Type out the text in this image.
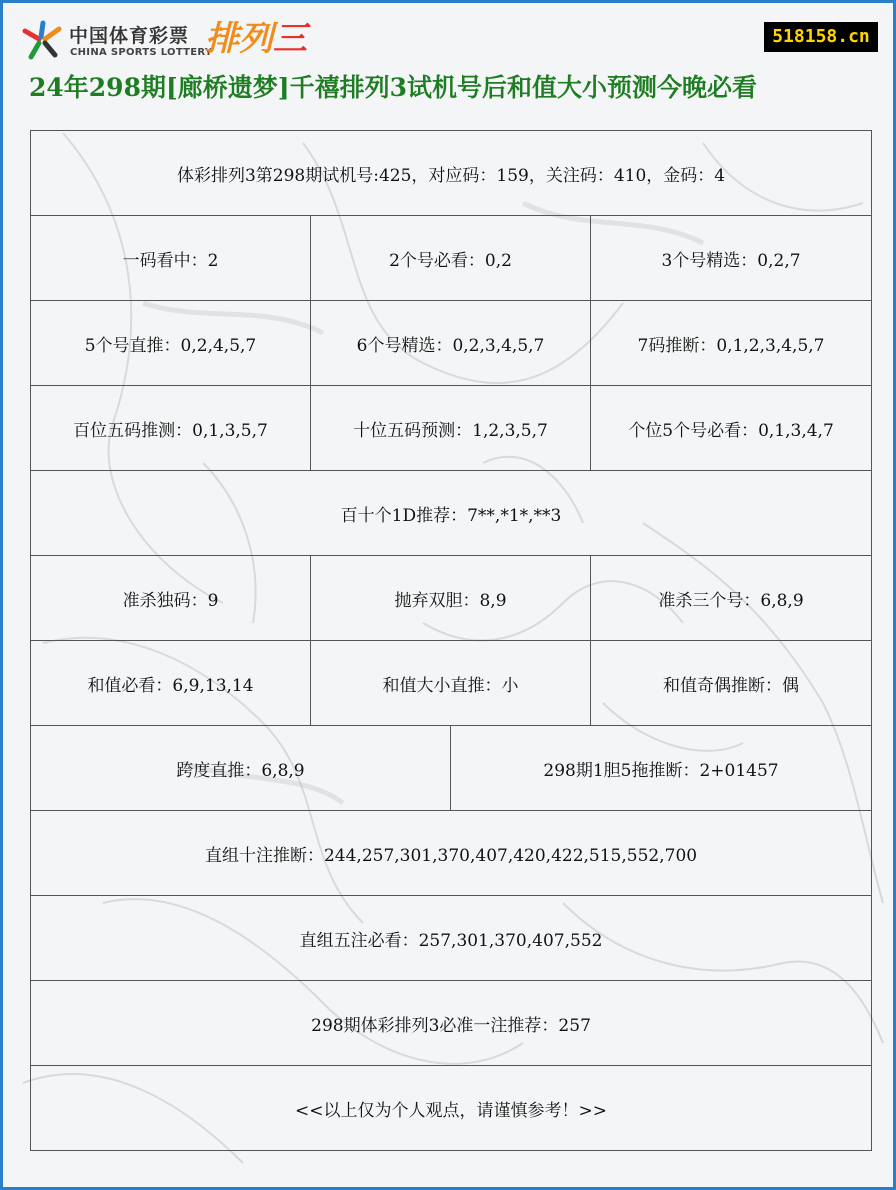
中国体育彩票
CHINA SPORTS LOTTERY
排列三	518158.cn
24年298期[廊桥遗梦]千禧排列3试机号后和值大小预测今晚必看
体彩排列3第298期试机号:425，对应码：159，关注码：410，金码：4			
一码看中：2	2个号必看：0,2		3个号精选：0,2,7
5个号直推：0,2,4,5,7	6个号精选：0,2,3,4,5,7		7码推断：0,1,2,3,4,5,7
百位五码推测：0,1,3,5,7	十位五码预测：1,2,3,5,7		个位5个号必看：0,1,3,4,7
百十个1D推荐：7**,*1*,**3			
准杀独码：9	抛弃双胆：8,9		准杀三个号：6,8,9
和值必看：6,9,13,14	和值大小直推：小		和值奇偶推断：偶
跨度直推：6,8,9		298期1胆5拖推断：2+01457	
直组十注推断：244,257,301,370,407,420,422,515,552,700			
直组五注必看：257,301,370,407,552			
298期体彩排列3必准一注推荐：257			
<<以上仅为个人观点，请谨慎参考！>>			
